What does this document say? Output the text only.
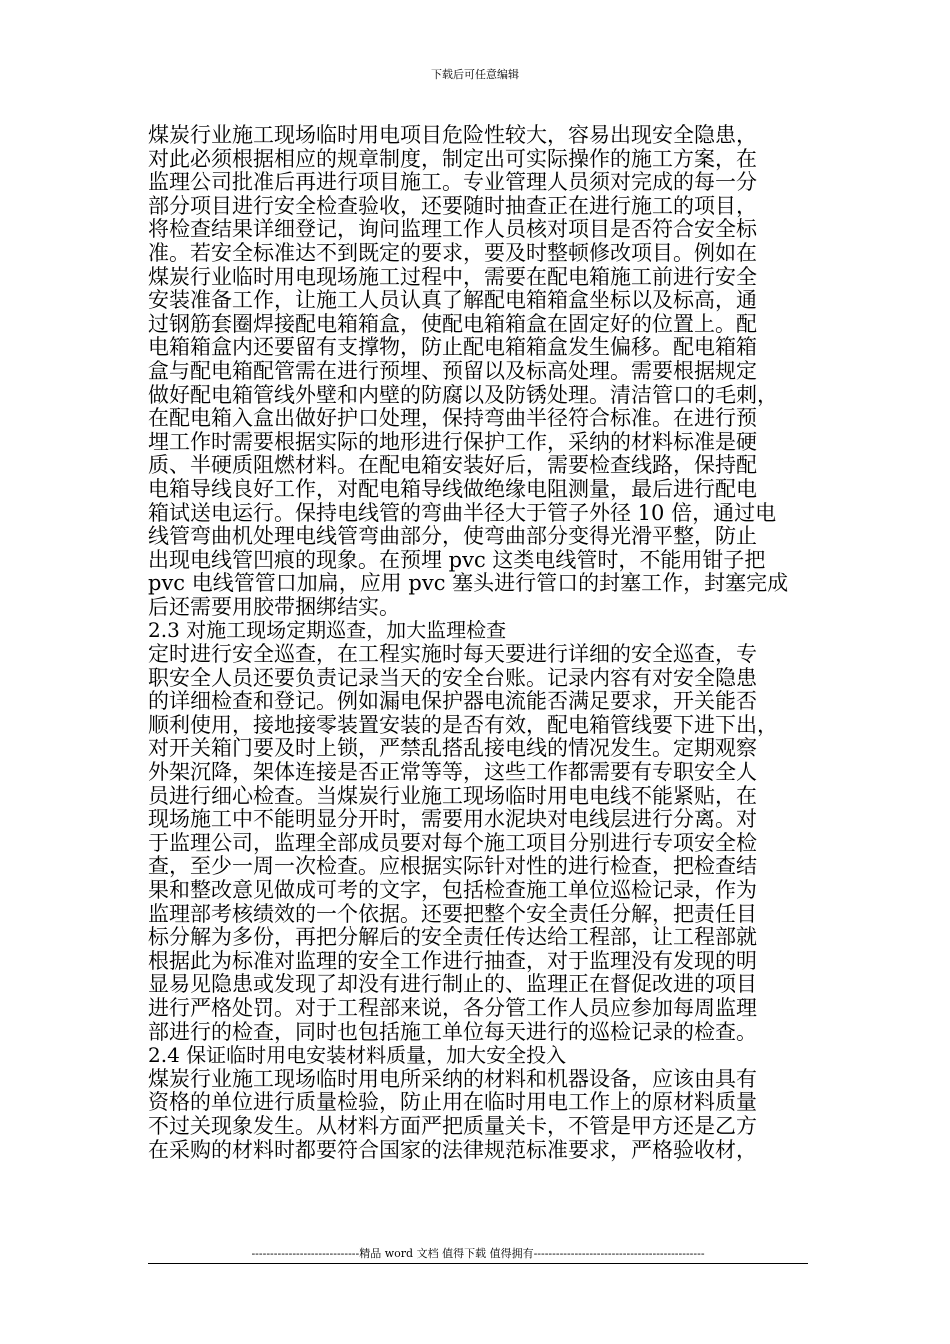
下载后可任意编辑
煤炭行业施工现场临时用电项目危险性较大，容易出现安全隐患，
对此必须根据相应的规章制度，制定出可实际操作的施工方案，在
监理公司批准后再进行项目施工。专业管理人员须对完成的每一分
部分项目进行安全检查验收，还要随时抽查正在进行施工的项目，
将检查结果详细登记，询问监理工作人员核对项目是否符合安全标
准。若安全标准达不到既定的要求，要及时整顿修改项目。例如在
煤炭行业临时用电现场施工过程中，需要在配电箱施工前进行安全
安装准备工作，让施工人员认真了解配电箱箱盒坐标以及标高，通
过钢筋套圈焊接配电箱箱盒，使配电箱箱盒在固定好的位置上。配
电箱箱盒内还要留有支撑物，防止配电箱箱盒发生偏移。配电箱箱
盒与配电箱配管需在进行预埋、预留以及标高处理。需要根据规定
做好配电箱管线外壁和内壁的防腐以及防锈处理。清洁管口的毛刺，
在配电箱入盒出做好护口处理，保持弯曲半径符合标准。在进行预
埋工作时需要根据实际的地形进行保护工作，采纳的材料标准是硬
质、半硬质阻燃材料。在配电箱安装好后，需要检查线路，保持配
电箱导线良好工作，对配电箱导线做绝缘电阻测量，最后进行配电
箱试送电运行。保持电线管的弯曲半径大于管子外径 10 倍，通过电
线管弯曲机处理电线管弯曲部分，使弯曲部分变得光滑平整，防止
出现电线管凹痕的现象。在预埋 pvc 这类电线管时，不能用钳子把
pvc 电线管管口加扁，应用 pvc 塞头进行管口的封塞工作，封塞完成
后还需要用胶带捆绑结实。
2.3 对施工现场定期巡查，加大监理检查
定时进行安全巡查，在工程实施时每天要进行详细的安全巡查，专
职安全人员还要负责记录当天的安全台账。记录内容有对安全隐患
的详细检查和登记。例如漏电保护器电流能否满足要求，开关能否
顺利使用，接地接零装置安装的是否有效，配电箱管线要下进下出，
对开关箱门要及时上锁，严禁乱搭乱接电线的情况发生。定期观察
外架沉降，架体连接是否正常等等，这些工作都需要有专职安全人
员进行细心检查。当煤炭行业施工现场临时用电电线不能紧贴，在
现场施工中不能明显分开时，需要用水泥块对电线层进行分离。对
于监理公司，监理全部成员要对每个施工项目分别进行专项安全检
查，至少一周一次检查。应根据实际针对性的进行检查，把检查结
果和整改意见做成可考的文字，包括检查施工单位巡检记录，作为
监理部考核绩效的一个依据。还要把整个安全责任分解，把责任目
标分解为多份，再把分解后的安全责任传达给工程部，让工程部就
根据此为标准对监理的安全工作进行抽查，对于监理没有发现的明
显易见隐患或发现了却没有进行制止的、监理正在督促改进的项目
进行严格处罚。对于工程部来说，各分管工作人员应参加每周监理
部进行的检查，同时也包括施工单位每天进行的巡检记录的检查。
2.4 保证临时用电安装材料质量，加大安全投入
煤炭行业施工现场临时用电所采纳的材料和机器设备，应该由具有
资格的单位进行质量检验，防止用在临时用电工作上的原材料质量
不过关现象发生。从材料方面严把质量关卡，不管是甲方还是乙方
在采购的材料时都要符合国家的法律规范标准要求，严格验收材，
-----------------------------精品 word 文档 值得下载 值得拥有----------------------------------------------
